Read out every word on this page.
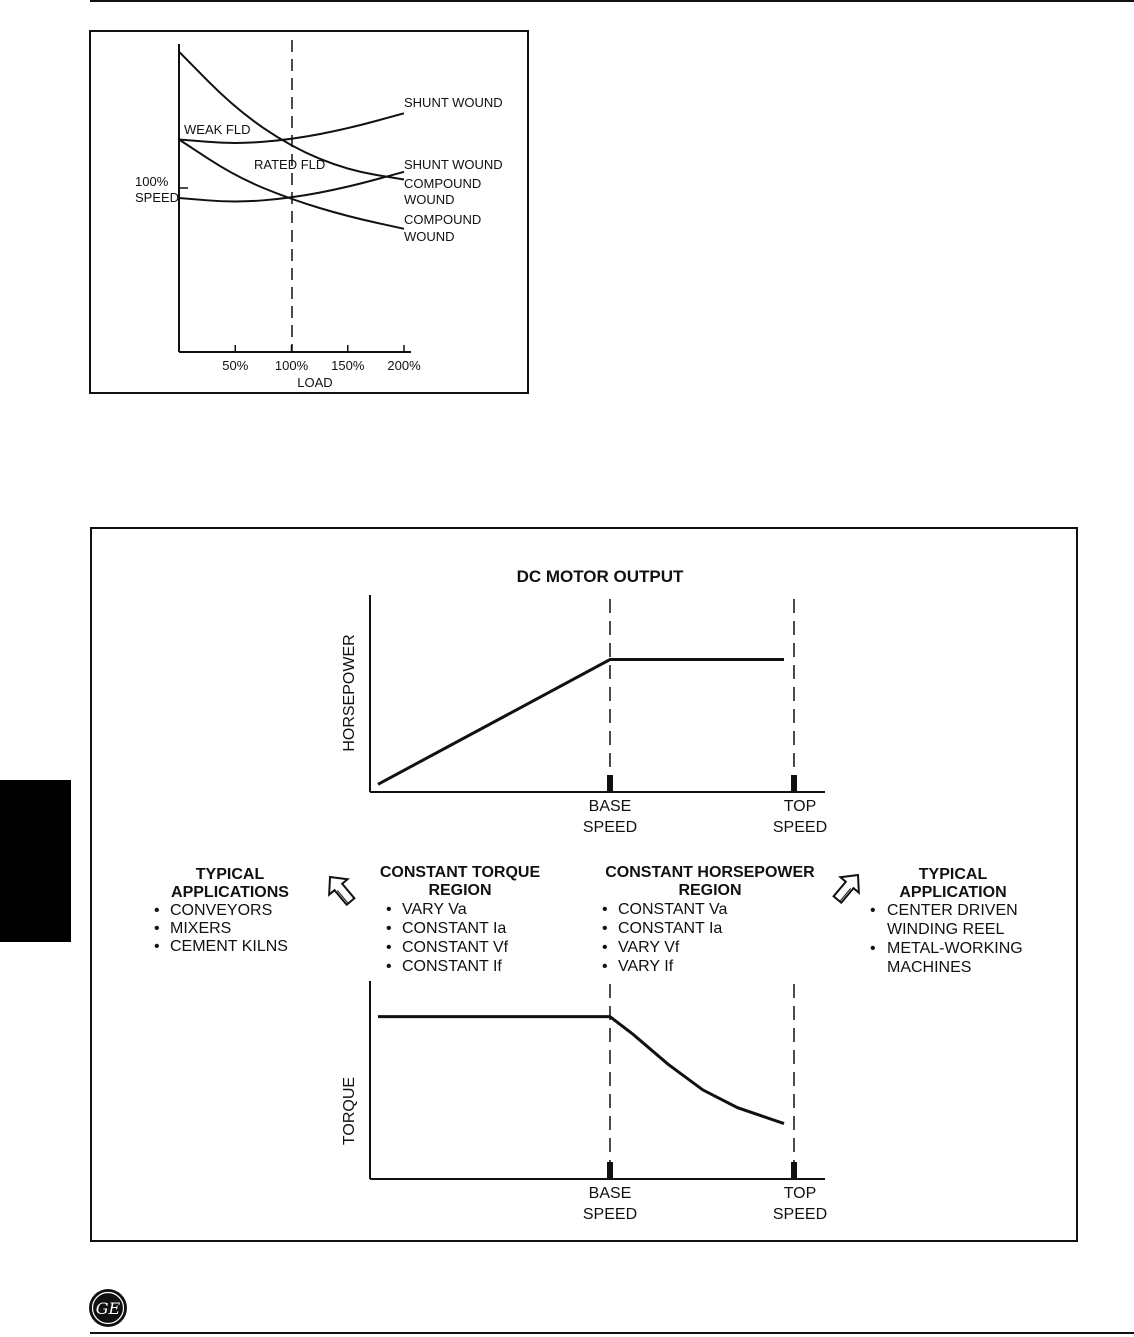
50% 100% 150% 200%
100%
SPEED
WEAK FLD
RATED FLD
SHUNT WOUND
SHUNT WOUND
COMPOUND
WOUND
COMPOUND
WOUND
LOAD
DC MOTOR OUTPUT
HORSEPOWER
BASE
SPEED
TOP
SPEED
TYPICAL
APPLICATIONS
• CONVEYORS
• MIXERS
• CEMENT KILNS
CONSTANT TORQUE
REGION
• VARY Va
• CONSTANT Ia
• CONSTANT Vf
• CONSTANT If
CONSTANT HORSEPOWER
REGION
• CONSTANT Va
• CONSTANT Ia
• VARY Vf
• VARY If
TYPICAL
APPLICATION
• CENTER DRIVEN
WINDING REEL
• METAL-WORKING
MACHINES
TORQUE
BASE
SPEED
TOP
SPEED
GE
